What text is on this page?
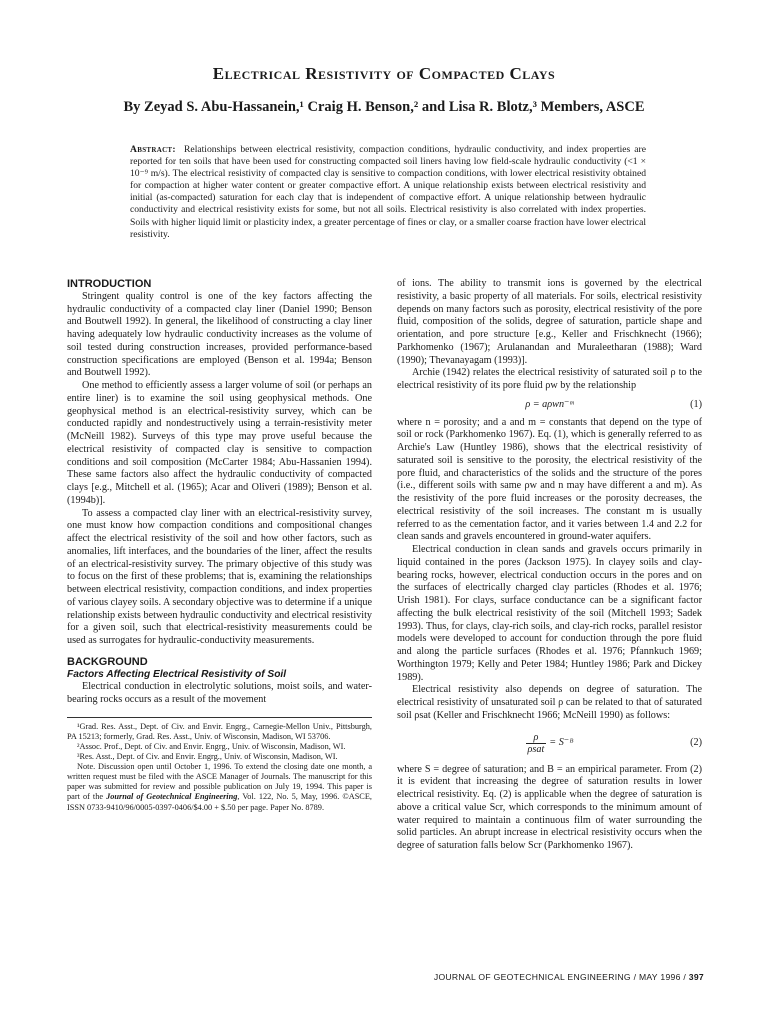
Electrical Resistivity of Compacted Clays
By Zeyad S. Abu-Hassanein,¹ Craig H. Benson,² and Lisa R. Blotz,³ Members, ASCE
Abstract: Relationships between electrical resistivity, compaction conditions, hydraulic conductivity, and index properties are reported for ten soils that have been used for constructing compacted soil liners having low field-scale hydraulic conductivity (<1 × 10⁻⁹ m/s). The electrical resistivity of compacted clay is sensitive to compaction conditions, with lower electrical resistivity obtained for compaction at higher water content or greater compactive effort. A unique relationship exists between electrical resistivity and initial (as-compacted) saturation for each clay that is independent of compactive effort. A unique relationship between hydraulic conductivity and electrical resistivity exists for some, but not all soils. Electrical resistivity is also correlated with index properties. Soils with higher liquid limit or plasticity index, a greater percentage of fines or clay, or a smaller coarse fraction have lower electrical resistivity.

INTRODUCTION

Stringent quality control is one of the key factors affecting the hydraulic conductivity of a compacted clay liner (Daniel 1990; Benson and Boutwell 1992). In general, the likelihood of constructing a clay liner having adequately low hydraulic conductivity increases as the volume of soil tested during construction increases, provided performance-based construction specifications are employed (Benson et al. 1994a; Benson and Boutwell 1992).

One method to efficiently assess a larger volume of soil (or perhaps an entire liner) is to examine the soil using geophysical methods. One geophysical method is an electrical-resistivity survey, which can be conducted rapidly and nondestructively using a terrain-resistivity meter (McNeill 1982). Surveys of this type may prove useful because the electrical resistivity of compacted clay is sensitive to compaction conditions and soil composition (McCarter 1984; Abu-Hassanien 1994). These same factors also affect the hydraulic conductivity of compacted clays [e.g., Mitchell et al. (1965); Acar and Oliveri (1989); Benson et al. (1994b)].

To assess a compacted clay liner with an electrical-resistivity survey, one must know how compaction conditions and compositional changes affect the electrical resistivity of the soil and how other factors, such as anomalies, lift interfaces, and the boundaries of the liner, affect the results of an electrical-resistivity survey. The primary objective of this study was to focus on the first of these problems; that is, examining the relationships between electrical resistivity, compaction conditions, and index properties of various clayey soils. A secondary objective was to determine if a unique relationship exists between hydraulic conductivity and electrical resistivity for a given soil, such that electrical-resistivity measurements could be used as surrogates for hydraulic-conductivity measurements.

BACKGROUND

Factors Affecting Electrical Resistivity of Soil

Electrical conduction in electrolytic solutions, moist soils, and water-bearing rocks occurs as a result of the movement

¹Grad. Res. Asst., Dept. of Civ. and Envir. Engrg., Carnegie-Mellon Univ., Pittsburgh, PA 15213; formerly, Grad. Res. Asst., Univ. of Wisconsin, Madison, WI 53706.

²Assoc. Prof., Dept. of Civ. and Envir. Engrg., Univ. of Wisconsin, Madison, WI.

³Res. Asst., Dept. of Civ. and Envir. Engrg., Univ. of Wisconsin, Madison, WI.

Note. Discussion open until October 1, 1996. To extend the closing date one month, a written request must be filed with the ASCE Manager of Journals. The manuscript for this paper was submitted for review and possible publication on July 19, 1994. This paper is part of the Journal of Geotechnical Engineering, Vol. 122, No. 5, May, 1996. ©ASCE, ISSN 0733-9410/96/0005-0397-0406/$4.00 + $.50 per page. Paper No. 8789.

of ions. The ability to transmit ions is governed by the electrical resistivity, a basic property of all materials. For soils, electrical resistivity depends on many factors such as porosity, electrical resistivity of the pore fluid, composition of the solids, degree of saturation, particle shape and orientation, and pore structure [e.g., Keller and Frischknecht (1966); Parkhomenko (1967); Arulanandan and Muraleetharan (1988); Ward (1990); Thevanayagam (1993)].

Archie (1942) relates the electrical resistivity of saturated soil ρ to the electrical resistivity of its pore fluid ρw by the relationship

ρ = aρwn⁻ᵐ	(1)

where n = porosity; and a and m = constants that depend on the type of soil or rock (Parkhomenko 1967). Eq. (1), which is generally referred to as Archie's Law (Huntley 1986), shows that the electrical resistivity of saturated soil is sensitive to the porosity, the electrical resistivity of the pore fluid, and characteristics of the solids and the structure of the pores (i.e., different soils with same ρw and n may have different a and m). As the resistivity of the pore fluid increases or the porosity decreases, the electrical resistivity of the soil increases. The constant m is usually referred to as the cementation factor, and it varies between 1.4 and 2.2 for clean sands and gravels encountered in ground-water aquifers.

Electrical conduction in clean sands and gravels occurs primarily in liquid contained in the pores (Jackson 1975). In clayey soils and clay-bearing rocks, however, electrical conduction occurs in the pores and on the surfaces of electrically charged clay particles (Rhodes et al. 1976; Urish 1981). For clays, surface conductance can be a significant factor affecting the bulk electrical resistivity of the soil (Mitchell 1993; Sadek 1993). Thus, for clays, clay-rich soils, and clay-rich rocks, parallel resistor models were developed to account for conduction through the pore fluid and along the particle surfaces (Rhodes et al. 1976; Pfannkuch 1969; Worthington 1979; Kelly and Peter 1984; Huntley 1986; Park and Dickey 1989).

Electrical resistivity also depends on degree of saturation. The electrical resistivity of unsaturated soil ρ can be related to that of saturated soil ρsat (Keller and Frischknecht 1966; McNeill 1990) as follows:

$\frac{\rho}{\text{ρsat}}$ = S⁻ᴮ	(2)

where S = degree of saturation; and B = an empirical parameter. From (2) it is evident that increasing the degree of saturation results in lower electrical resistivity. Eq. (2) is applicable when the degree of saturation is above a critical value Scr, which corresponds to the minimum amount of water required to maintain a continuous film of water surrounding the solid particles. An abrupt increase in electrical resistivity occurs when the degree of saturation falls below Scr (Parkhomenko 1967).

JOURNAL OF GEOTECHNICAL ENGINEERING / MAY 1996 / 397
